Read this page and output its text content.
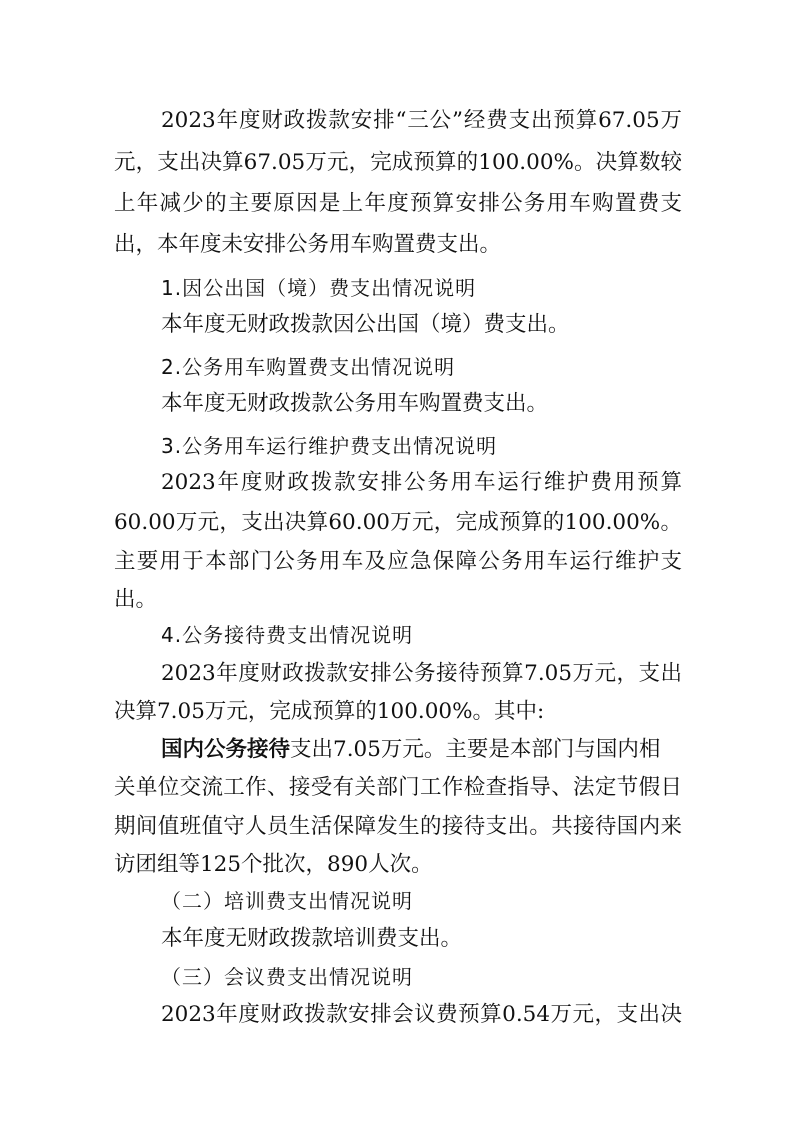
2023年度财政拨款安排“三公”经费支出预算67.05万
元，支出决算67.05万元，完成预算的100.00%。决算数较
上年减少的主要原因是上年度预算安排公务用车购置费支
出，本年度未安排公务用车购置费支出。
1.因公出国（境）费支出情况说明
本年度无财政拨款因公出国（境）费支出。
2.公务用车购置费支出情况说明
本年度无财政拨款公务用车购置费支出。
3.公务用车运行维护费支出情况说明
2023年度财政拨款安排公务用车运行维护费用预算
60.00万元，支出决算60.00万元，完成预算的100.00%。
主要用于本部门公务用车及应急保障公务用车运行维护支
出。
4.公务接待费支出情况说明
2023年度财政拨款安排公务接待预算7.05万元，支出
决算7.05万元，完成预算的100.00%。其中:
国内公务接待支出7.05万元。主要是本部门与国内相
关单位交流工作、接受有关部门工作检查指导、法定节假日
期间值班值守人员生活保障发生的接待支出。共接待国内来
访团组等125个批次，890人次。
（二）培训费支出情况说明
本年度无财政拨款培训费支出。
（三）会议费支出情况说明
2023年度财政拨款安排会议费预算0.54万元，支出决
